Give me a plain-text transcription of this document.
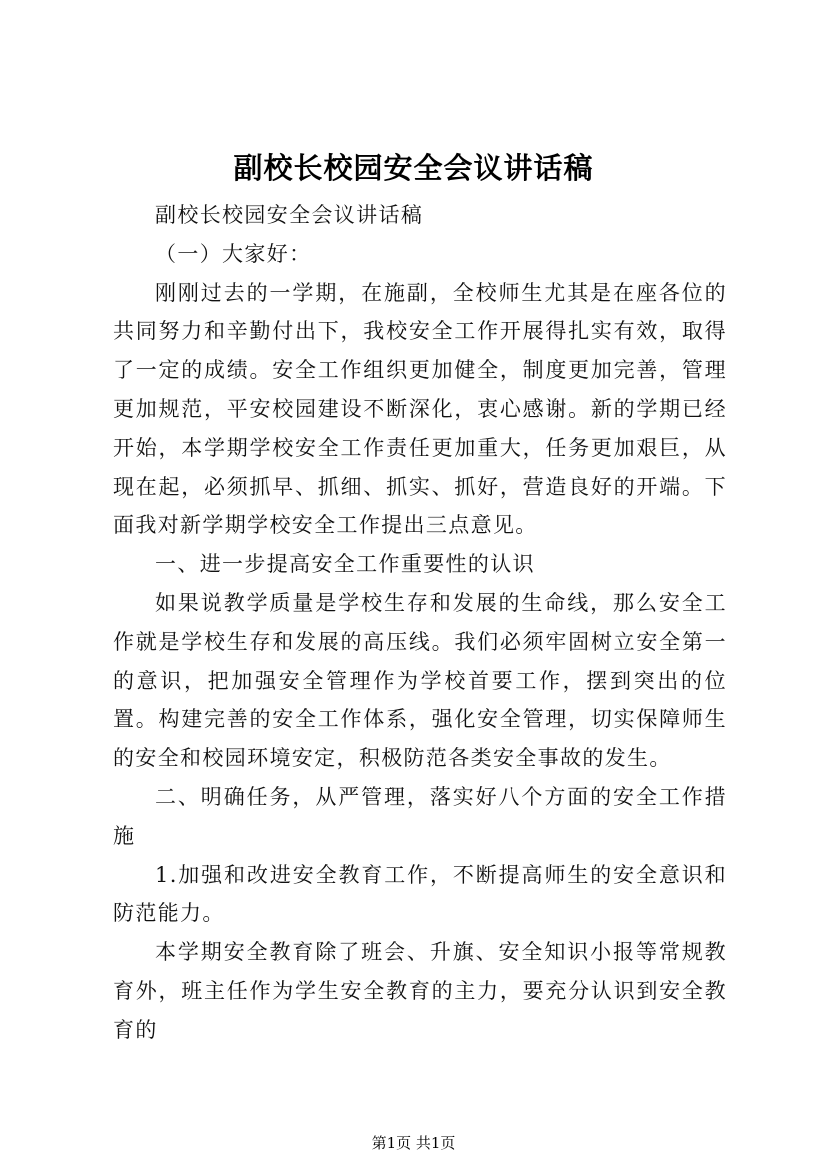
副校长校园安全会议讲话稿

副校长校园安全会议讲话稿

（一）大家好：

刚刚过去的一学期，在施副，全校师生尤其是在座各位的共同努力和辛勤付出下，我校安全工作开展得扎实有效，取得了一定的成绩。安全工作组织更加健全，制度更加完善，管理更加规范，平安校园建设不断深化，衷心感谢。新的学期已经开始，本学期学校安全工作责任更加重大，任务更加艰巨，从现在起，必须抓早、抓细、抓实、抓好，营造良好的开端。下面我对新学期学校安全工作提出三点意见。

一、进一步提高安全工作重要性的认识

如果说教学质量是学校生存和发展的生命线，那么安全工作就是学校生存和发展的高压线。我们必须牢固树立安全第一的意识，把加强安全管理作为学校首要工作，摆到突出的位置。构建完善的安全工作体系，强化安全管理，切实保障师生的安全和校园环境安定，积极防范各类安全事故的发生。

二、明确任务，从严管理，落实好八个方面的安全工作措施

1.加强和改进安全教育工作，不断提高师生的安全意识和防范能力。

本学期安全教育除了班会、升旗、安全知识小报等常规教育外，班主任作为学生安全教育的主力，要充分认识到安全教育的

第1页 共1页
